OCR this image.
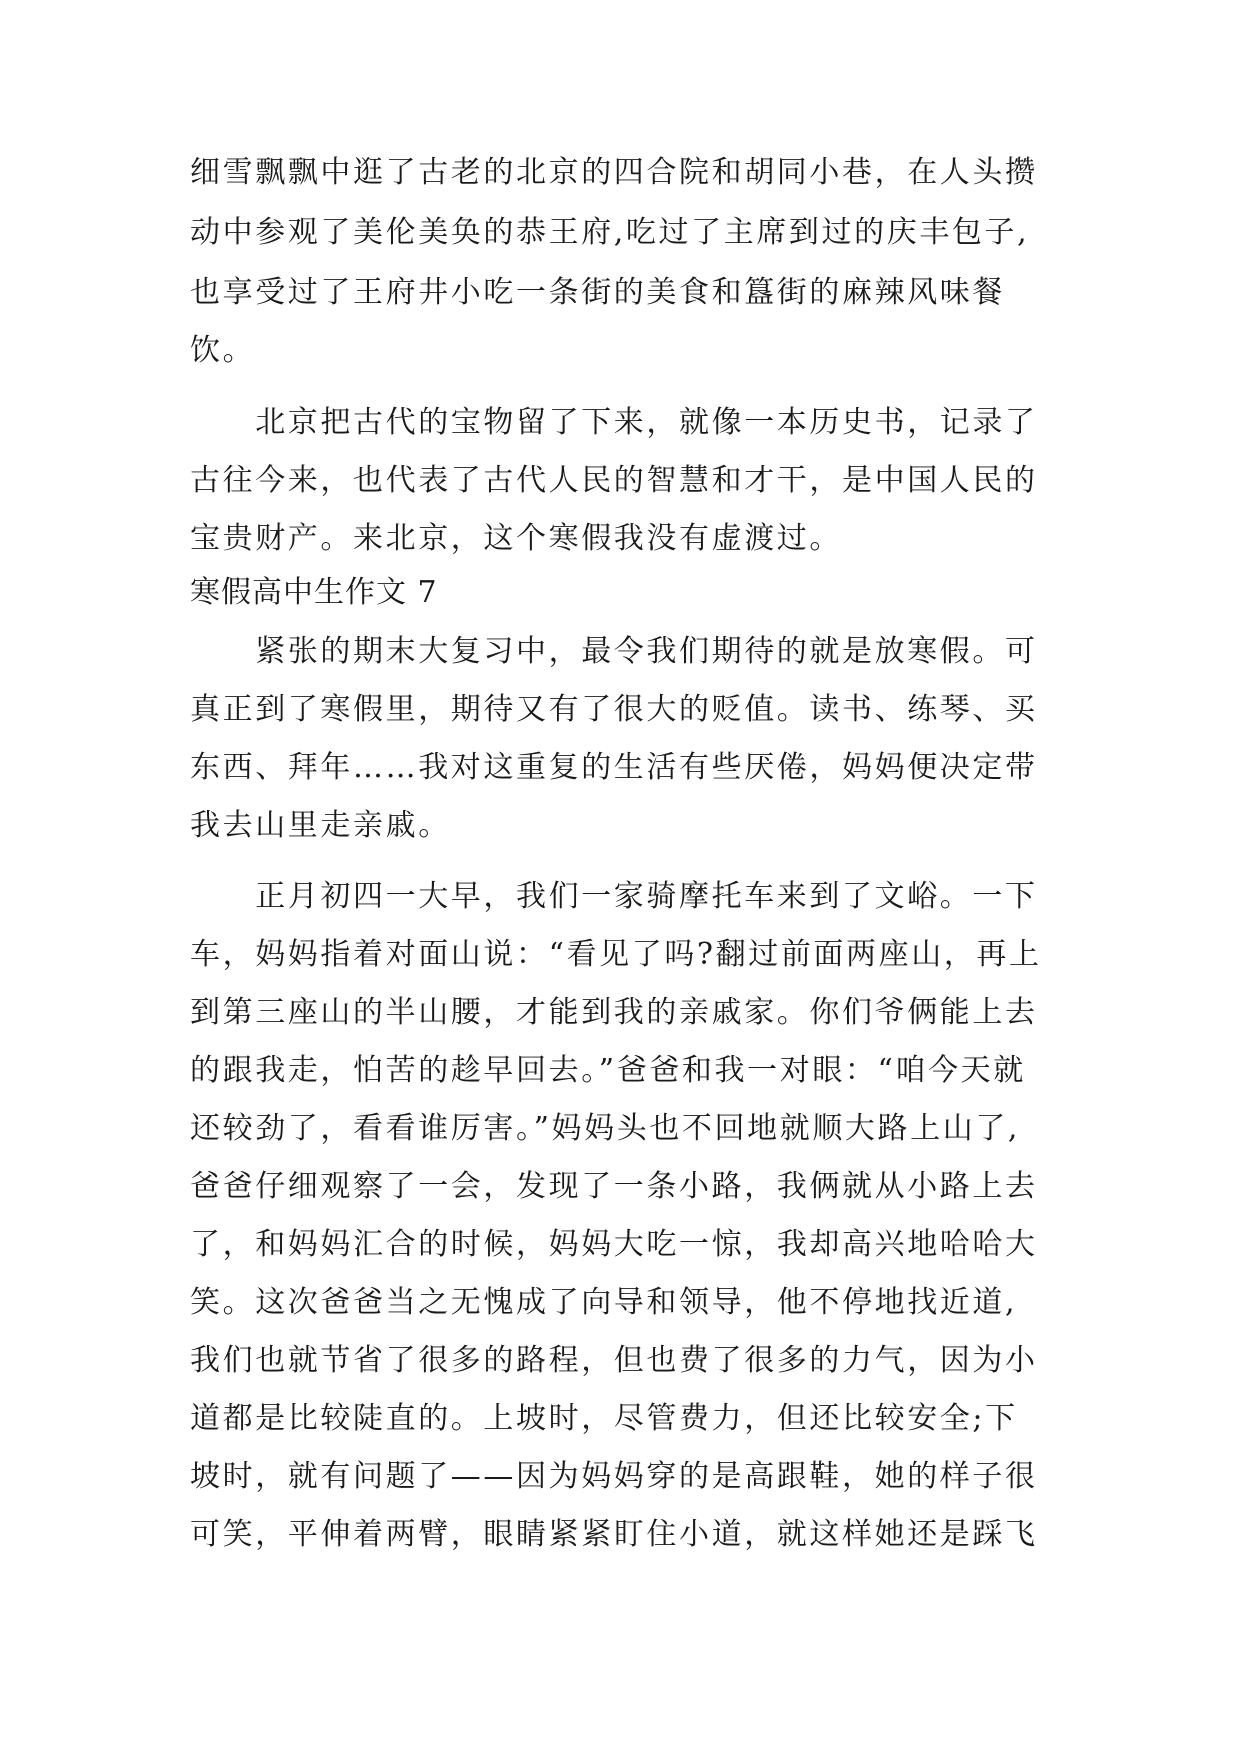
细雪飘飘中逛了古老的北京的四合院和胡同小巷，在人头攒
动中参观了美伦美奂的恭王府,吃过了主席到过的庆丰包子,
也享受过了王府井小吃一条街的美食和簋街的麻辣风味餐
饮。
　　北京把古代的宝物留了下来，就像一本历史书，记录了
古往今来，也代表了古代人民的智慧和才干，是中国人民的
宝贵财产。来北京，这个寒假我没有虚渡过。
寒假高中生作文 7
　　紧张的期末大复习中，最令我们期待的就是放寒假。可
真正到了寒假里，期待又有了很大的贬值。读书、练琴、买
东西、拜年……我对这重复的生活有些厌倦，妈妈便决定带
我去山里走亲戚。
　　正月初四一大早，我们一家骑摩托车来到了文峪。一下
车，妈妈指着对面山说：“看见了吗?翻过前面两座山，再上
到第三座山的半山腰，才能到我的亲戚家。你们爷俩能上去
的跟我走，怕苦的趁早回去。”爸爸和我一对眼：“咱今天就
还较劲了，看看谁厉害。”妈妈头也不回地就顺大路上山了,
爸爸仔细观察了一会，发现了一条小路，我俩就从小路上去
了，和妈妈汇合的时候，妈妈大吃一惊，我却高兴地哈哈大
笑。这次爸爸当之无愧成了向导和领导，他不停地找近道,
我们也就节省了很多的路程，但也费了很多的力气，因为小
道都是比较陡直的。上坡时，尽管费力，但还比较安全;下
坡时，就有问题了——因为妈妈穿的是高跟鞋，她的样子很
可笑，平伸着两臂，眼睛紧紧盯住小道，就这样她还是踩飞
